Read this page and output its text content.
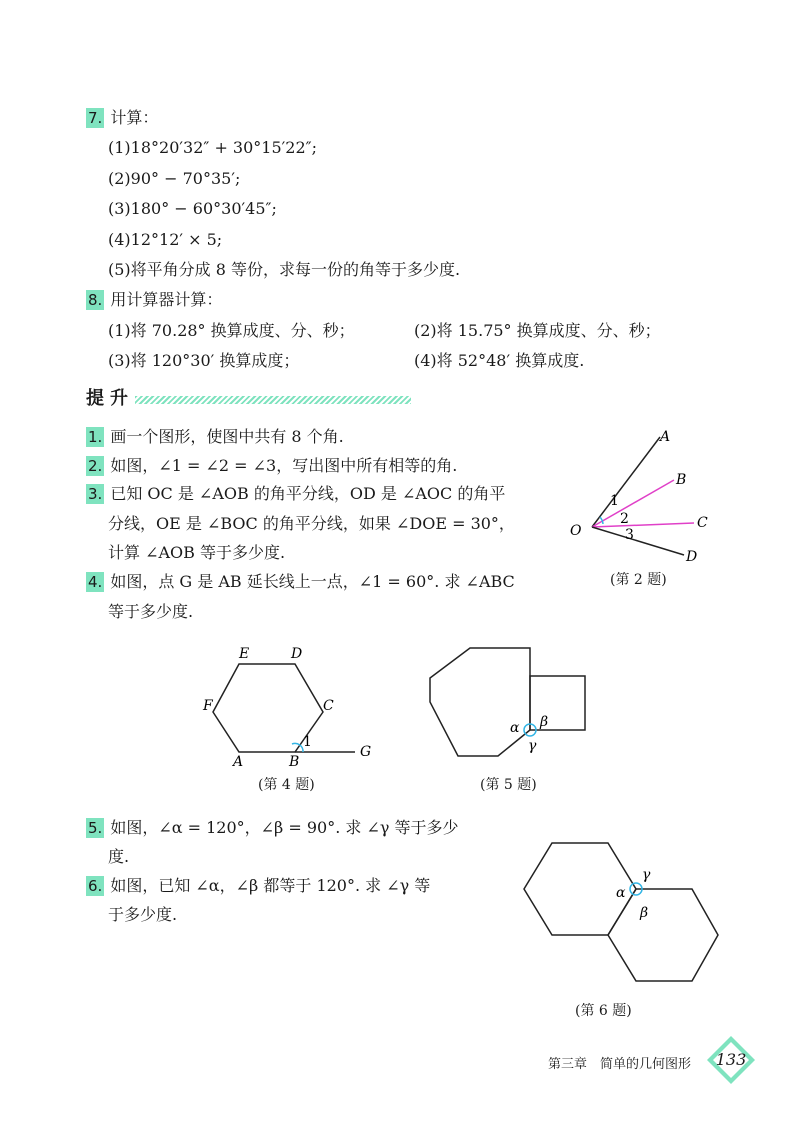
7. 计算：
(1)18°20′32″ + 30°15′22″;
(2)90° − 70°35′;
(3)180° − 60°30′45″;
(4)12°12′ × 5;
(5)将平角分成 8 等份，求每一份的角等于多少度.
8. 用计算器计算：
(1)将 70.28° 换算成度、分、秒；	(2)将 15.75° 换算成度、分、秒；
(3)将 120°30′ 换算成度；	(4)将 52°48′ 换算成度.
提升
1. 画一个图形，使图中共有 8 个角.
2. 如图，∠1 = ∠2 = ∠3，写出图中所有相等的角.
3. 已知 OC 是 ∠AOB 的角平分线，OD 是 ∠AOC 的角平
分线，OE 是 ∠BOC 的角平分线，如果 ∠DOE = 30°，
计算 ∠AOB 等于多少度.
4. 如图，点 G 是 AB 延长线上一点，∠1 = 60°. 求 ∠ABC
等于多少度.
5. 如图，∠α = 120°，∠β = 90°. 求 ∠γ 等于多少
度.
6. 如图，已知 ∠α，∠β 都等于 120°. 求 ∠γ 等
于多少度.
A
B
C
D
O
1
2
3
(第 2 题)
E	D
F	C
A	B
G
1
(第 4 题)
α β
γ
(第 5 题)
α
γ
β
(第 6 题)
第三章　简单的几何图形	133
